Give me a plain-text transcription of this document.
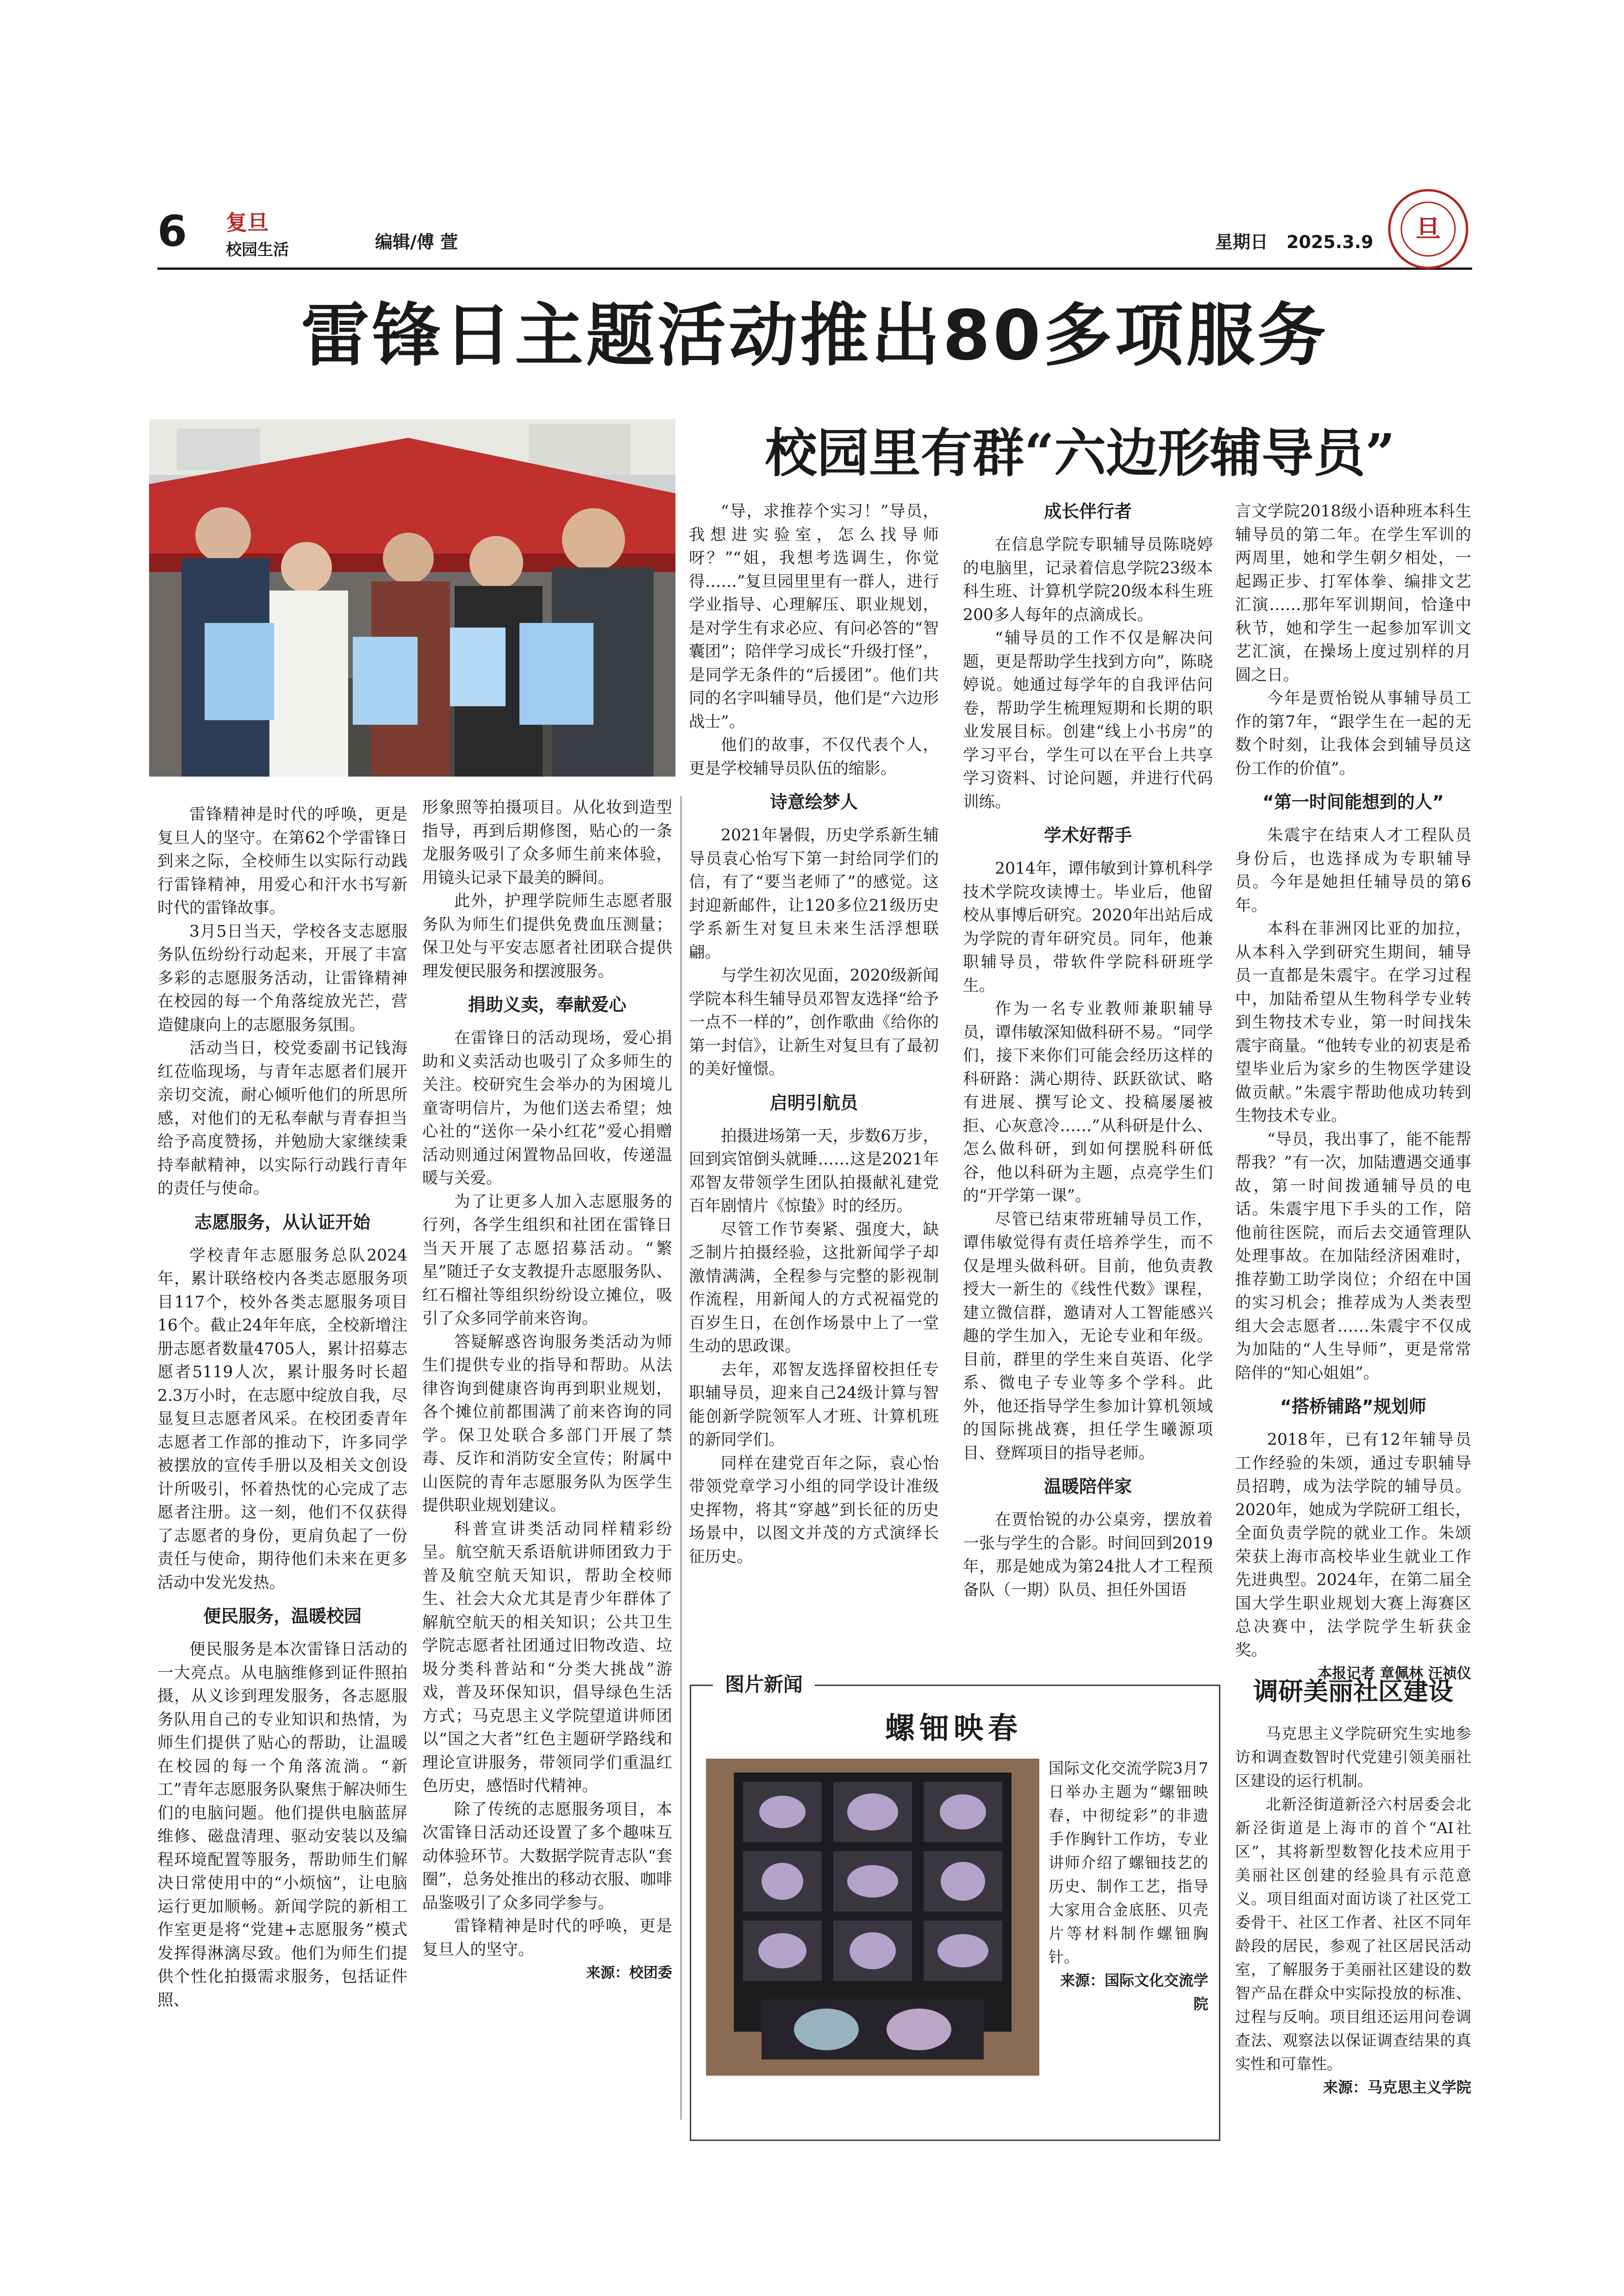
6 复旦
校园生活	编辑/傅 萱	星期日 2025.3.9 旦
雷锋日主题活动推出80多项服务

雷锋精神是时代的呼唤，更是复旦人的坚守。在第62个学雷锋日到来之际，全校师生以实际行动践行雷锋精神，用爱心和汗水书写新时代的雷锋故事。

3月5日当天，学校各支志愿服务队伍纷纷行动起来，开展了丰富多彩的志愿服务活动，让雷锋精神在校园的每一个角落绽放光芒，营造健康向上的志愿服务氛围。

活动当日，校党委副书记钱海红莅临现场，与青年志愿者们展开亲切交流，耐心倾听他们的所思所感，对他们的无私奉献与青春担当给予高度赞扬，并勉励大家继续秉持奉献精神，以实际行动践行青年的责任与使命。

志愿服务，从认证开始

学校青年志愿服务总队2024年，累计联络校内各类志愿服务项目117个，校外各类志愿服务项目16个。截止24年年底，全校新增注册志愿者数量4705人，累计招募志愿者5119人次，累计服务时长超2.3万小时，在志愿中绽放自我，尽显复旦志愿者风采。在校团委青年志愿者工作部的推动下，许多同学被摆放的宣传手册以及相关文创设计所吸引，怀着热忱的心完成了志愿者注册。这一刻，他们不仅获得了志愿者的身份，更肩负起了一份责任与使命，期待他们未来在更多活动中发光发热。

便民服务，温暖校园

便民服务是本次雷锋日活动的一大亮点。从电脑维修到证件照拍摄，从义诊到理发服务，各志愿服务队用自己的专业知识和热情，为师生们提供了贴心的帮助，让温暖在校园的每一个角落流淌。“新工”青年志愿服务队聚焦于解决师生们的电脑问题。他们提供电脑蓝屏维修、磁盘清理、驱动安装以及编程环境配置等服务，帮助师生们解决日常使用中的“小烦恼”，让电脑运行更加顺畅。新闻学院的新相工作室更是将“党建+志愿服务”模式发挥得淋漓尽致。他们为师生们提供个性化拍摄需求服务，包括证件照、

形象照等拍摄项目。从化妆到造型指导，再到后期修图，贴心的一条龙服务吸引了众多师生前来体验，用镜头记录下最美的瞬间。

此外，护理学院师生志愿者服务队为师生们提供免费血压测量；保卫处与平安志愿者社团联合提供理发便民服务和摆渡服务。

捐助义卖，奉献爱心

在雷锋日的活动现场，爱心捐助和义卖活动也吸引了众多师生的关注。校研究生会举办的为困境儿童寄明信片，为他们送去希望；烛心社的“送你一朵小红花”爱心捐赠活动则通过闲置物品回收，传递温暖与关爱。

为了让更多人加入志愿服务的行列，各学生组织和社团在雷锋日当天开展了志愿招募活动。“繁星”随迁子女支教提升志愿服务队、红石榴社等组织纷纷设立摊位，吸引了众多同学前来咨询。

答疑解惑咨询服务类活动为师生们提供专业的指导和帮助。从法律咨询到健康咨询再到职业规划，各个摊位前都围满了前来咨询的同学。保卫处联合多部门开展了禁毒、反诈和消防安全宣传；附属中山医院的青年志愿服务队为医学生提供职业规划建议。

科普宣讲类活动同样精彩纷呈。航空航天系语航讲师团致力于普及航空航天知识，帮助全校师生、社会大众尤其是青少年群体了解航空航天的相关知识；公共卫生学院志愿者社团通过旧物改造、垃圾分类科普站和“分类大挑战”游戏，普及环保知识，倡导绿色生活方式；马克思主义学院望道讲师团以“国之大者”红色主题研学路线和理论宣讲服务，带领同学们重温红色历史，感悟时代精神。

除了传统的志愿服务项目，本次雷锋日活动还设置了多个趣味互动体验环节。大数据学院青志队“套圈”，总务处推出的移动衣服、咖啡品鉴吸引了众多同学参与。

雷锋精神是时代的呼唤，更是复旦人的坚守。

来源：校团委

校园里有群“六边形辅导员”

“导，求推荐个实习！”导员，我想进实验室，怎么找导师呀？”“姐，我想考选调生，你觉得……”复旦园里里有一群人，进行学业指导、心理解压、职业规划，是对学生有求必应、有问必答的“智囊团”；陪伴学习成长“升级打怪”，是同学无条件的“后援团”。他们共同的名字叫辅导员，他们是“六边形战士”。

他们的故事，不仅代表个人，更是学校辅导员队伍的缩影。

诗意绘梦人

2021年暑假，历史学系新生辅导员袁心怡写下第一封给同学们的信，有了“要当老师了”的感觉。这封迎新邮件，让120多位21级历史学系新生对复旦未来生活浮想联翩。

与学生初次见面，2020级新闻学院本科生辅导员邓智友选择“给予一点不一样的”，创作歌曲《给你的第一封信》，让新生对复旦有了最初的美好憧憬。

启明引航员

拍摄进场第一天，步数6万步，回到宾馆倒头就睡……这是2021年邓智友带领学生团队拍摄献礼建党百年剧情片《惊蛰》时的经历。

尽管工作节奏紧、强度大，缺乏制片拍摄经验，这批新闻学子却激情满满，全程参与完整的影视制作流程，用新闻人的方式祝福党的百岁生日，在创作场景中上了一堂生动的思政课。

去年，邓智友选择留校担任专职辅导员，迎来自己24级计算与智能创新学院领军人才班、计算机班的新同学们。

同样在建党百年之际，袁心怡带领党章学习小组的同学设计准级史挥物，将其“穿越”到长征的历史场景中，以图文并茂的方式演绎长征历史。

成长伴行者

在信息学院专职辅导员陈晓婷的电脑里，记录着信息学院23级本科生班、计算机学院20级本科生班200多人每年的点滴成长。

“辅导员的工作不仅是解决问题，更是帮助学生找到方向”，陈晓婷说。她通过每学年的自我评估问卷，帮助学生梳理短期和长期的职业发展目标。创建“线上小书房”的学习平台，学生可以在平台上共享学习资料、讨论问题，并进行代码训练。

学术好帮手

2014年，谭伟敏到计算机科学技术学院攻读博士。毕业后，他留校从事博后研究。2020年出站后成为学院的青年研究员。同年，他兼职辅导员，带软件学院科研班学生。

作为一名专业教师兼职辅导员，谭伟敏深知做科研不易。“同学们，接下来你们可能会经历这样的科研路：满心期待、跃跃欲试、略有进展、撰写论文、投稿屡屡被拒、心灰意冷……”从科研是什么、怎么做科研，到如何摆脱科研低谷，他以科研为主题，点亮学生们的“开学第一课”。

尽管已结束带班辅导员工作，谭伟敏觉得有责任培养学生，而不仅是埋头做科研。目前，他负责教授大一新生的《线性代数》课程，建立微信群，邀请对人工智能感兴趣的学生加入，无论专业和年级。目前，群里的学生来自英语、化学系、微电子专业等多个学科。此外，他还指导学生参加计算机领域的国际挑战赛，担任学生曦源项目、登辉项目的指导老师。

温暖陪伴家

在贾怡锐的办公桌旁，摆放着一张与学生的合影。时间回到2019年，那是她成为第24批人才工程预备队（一期）队员、担任外国语

言文学院2018级小语种班本科生辅导员的第二年。在学生军训的两周里，她和学生朝夕相处，一起踢正步、打军体拳、编排文艺汇演……那年军训期间，恰逢中秋节，她和学生一起参加军训文艺汇演，在操场上度过别样的月圆之日。

今年是贾怡锐从事辅导员工作的第7年，“跟学生在一起的无数个时刻，让我体会到辅导员这份工作的价值”。

“第一时间能想到的人”

朱震宇在结束人才工程队员身份后，也选择成为专职辅导员。今年是她担任辅导员的第6年。

本科在菲洲冈比亚的加拉，从本科入学到研究生期间，辅导员一直都是朱震宇。在学习过程中，加陆希望从生物科学专业转到生物技术专业，第一时间找朱震宇商量。“他转专业的初衷是希望毕业后为家乡的生物医学建设做贡献。”朱震宇帮助他成功转到生物技术专业。

“导员，我出事了，能不能帮帮我？”有一次，加陆遭遇交通事故，第一时间拨通辅导员的电话。朱震宇甩下手头的工作，陪他前往医院，而后去交通管理队处理事故。在加陆经济困难时，推荐勤工助学岗位；介绍在中国的实习机会；推荐成为人类表型组大会志愿者……朱震宇不仅成为加陆的“人生导师”，更是常常陪伴的“知心姐姐”。

“搭桥铺路”规划师

2018年，已有12年辅导员工作经验的朱颂，通过专职辅导员招聘，成为法学院的辅导员。2020年，她成为学院研工组长，全面负责学院的就业工作。朱颂荣获上海市高校毕业生就业工作先进典型。2024年，在第二届全国大学生职业规划大赛上海赛区总决赛中，法学院学生斩获金奖。

本报记者 章佩林 汪祯仪

图片新闻
螺钿映春
国际文化交流学院3月7日举办主题为“螺钿映春，中彻绽彩”的非遗手作胸针工作坊，专业讲师介绍了螺钿技艺的历史、制作工艺，指导大家用合金底胚、贝壳片等材料制作螺钿胸针。
来源：国际文化交流学院
调研美丽社区建设

马克思主义学院研究生实地参访和调查数智时代党建引领美丽社区建设的运行机制。

北新泾街道新泾六村居委会北新泾街道是上海市的首个“AI社区”，其将新型数智化技术应用于美丽社区创建的经验具有示范意义。项目组面对面访谈了社区党工委骨干、社区工作者、社区不同年龄段的居民，参观了社区居民活动室，了解服务于美丽社区建设的数智产品在群众中实际投放的标准、过程与反响。项目组还运用问卷调查法、观察法以保证调查结果的真实性和可靠性。

来源：马克思主义学院
